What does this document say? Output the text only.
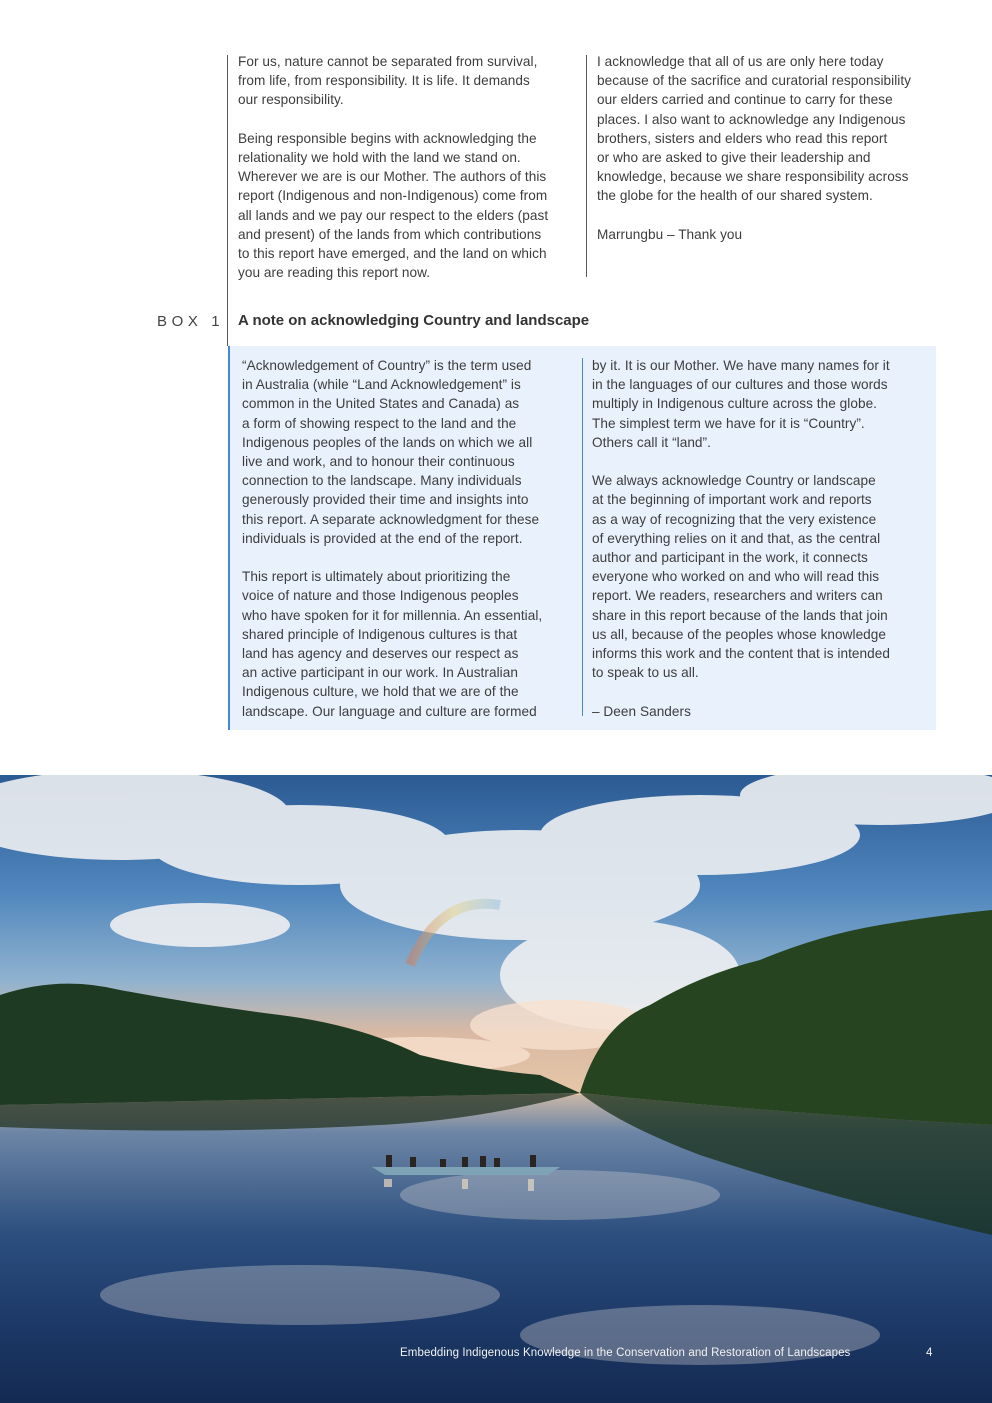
For us, nature cannot be separated from survival,
from life, from responsibility. It is life. It demands
our responsibility.

Being responsible begins with acknowledging the
relationality we hold with the land we stand on.
Wherever we are is our Mother. The authors of this
report (Indigenous and non-Indigenous) come from
all lands and we pay our respect to the elders (past
and present) of the lands from which contributions
to this report have emerged, and the land on which
you are reading this report now.

I acknowledge that all of us are only here today
because of the sacrifice and curatorial responsibility
our elders carried and continue to carry for these
places. I also want to acknowledge any Indigenous
brothers, sisters and elders who read this report
or who are asked to give their leadership and
knowledge, because we share responsibility across
the globe for the health of our shared system.

Marrungbu – Thank you

BOX 1 A note on acknowledging Country and landscape

“Acknowledgement of Country” is the term used
in Australia (while “Land Acknowledgement” is
common in the United States and Canada) as
a form of showing respect to the land and the
Indigenous peoples of the lands on which we all
live and work, and to honour their continuous
connection to the landscape. Many individuals
generously provided their time and insights into
this report. A separate acknowledgment for these
individuals is provided at the end of the report.

This report is ultimately about prioritizing the
voice of nature and those Indigenous peoples
who have spoken for it for millennia. An essential,
shared principle of Indigenous cultures is that
land has agency and deserves our respect as
an active participant in our work. In Australian
Indigenous culture, we hold that we are of the
landscape. Our language and culture are formed

by it. It is our Mother. We have many names for it
in the languages of our cultures and those words
multiply in Indigenous culture across the globe.
The simplest term we have for it is “Country”.
Others call it “land”.

We always acknowledge Country or landscape
at the beginning of important work and reports
as a way of recognizing that the very existence
of everything relies on it and that, as the central
author and participant in the work, it connects
everyone who worked on and who will read this
report. We readers, researchers and writers can
share in this report because of the lands that join
us all, because of the peoples whose knowledge
informs this work and the content that is intended
to speak to us all.

– Deen Sanders

Embedding Indigenous Knowledge in the Conservation and Restoration of Landscapes	4
